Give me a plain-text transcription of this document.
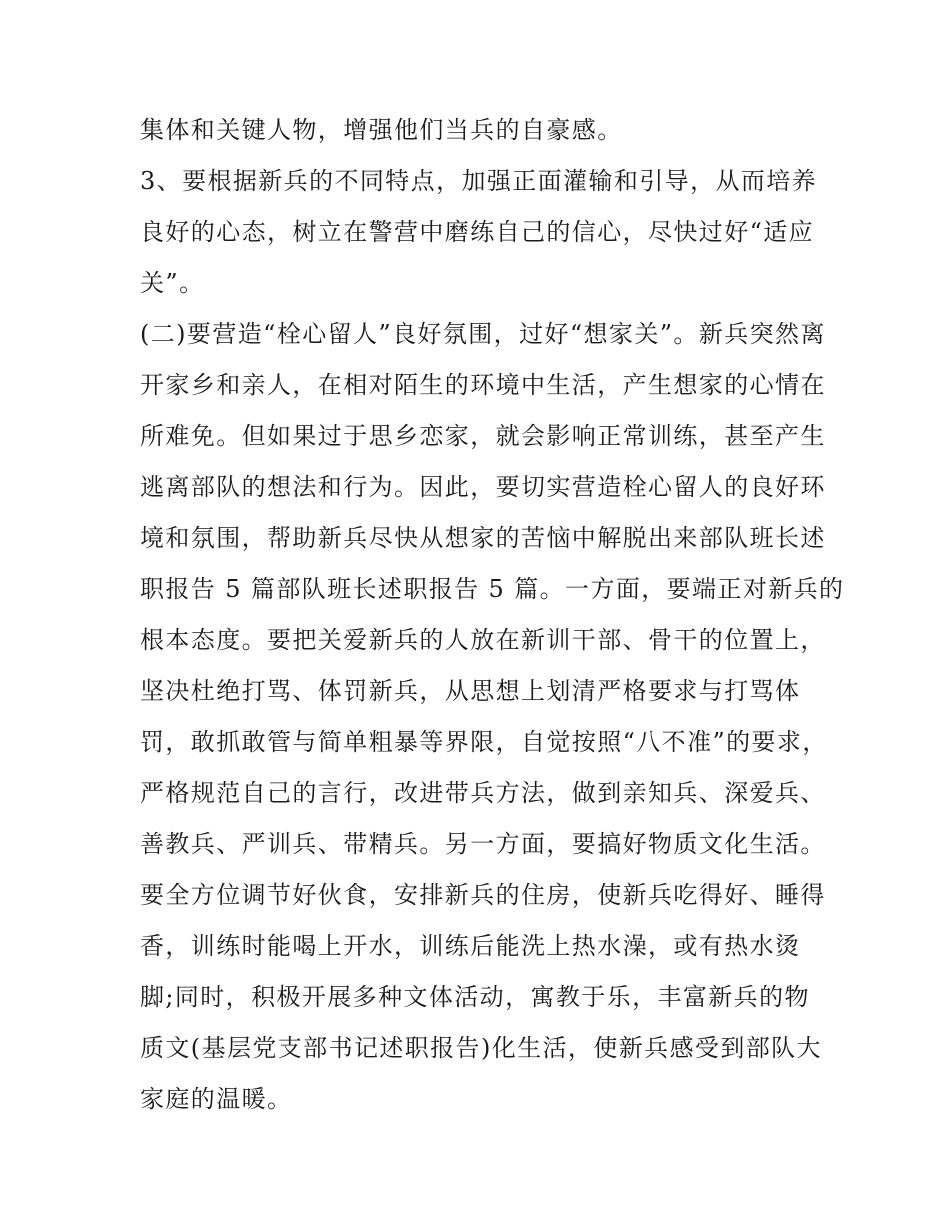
集体和关键人物，增强他们当兵的自豪感。
3、要根据新兵的不同特点，加强正面灌输和引导，从而培养
良好的心态，树立在警营中磨练自己的信心，尽快过好“适应
关”。
(二)要营造“栓心留人”良好氛围，过好“想家关”。新兵突然离
开家乡和亲人，在相对陌生的环境中生活，产生想家的心情在
所难免。但如果过于思乡恋家，就会影响正常训练，甚至产生
逃离部队的想法和行为。因此，要切实营造栓心留人的良好环
境和氛围，帮助新兵尽快从想家的苦恼中解脱出来部队班长述
职报告 5 篇部队班长述职报告 5 篇。一方面，要端正对新兵的
根本态度。要把关爱新兵的人放在新训干部、骨干的位置上，
坚决杜绝打骂、体罚新兵，从思想上划清严格要求与打骂体
罚，敢抓敢管与简单粗暴等界限，自觉按照“八不准”的要求，
严格规范自己的言行，改进带兵方法，做到亲知兵、深爱兵、
善教兵、严训兵、带精兵。另一方面，要搞好物质文化生活。
要全方位调节好伙食，安排新兵的住房，使新兵吃得好、睡得
香，训练时能喝上开水，训练后能洗上热水澡，或有热水烫
脚;同时，积极开展多种文体活动，寓教于乐，丰富新兵的物
质文(基层党支部书记述职报告)化生活，使新兵感受到部队大
家庭的温暖。
